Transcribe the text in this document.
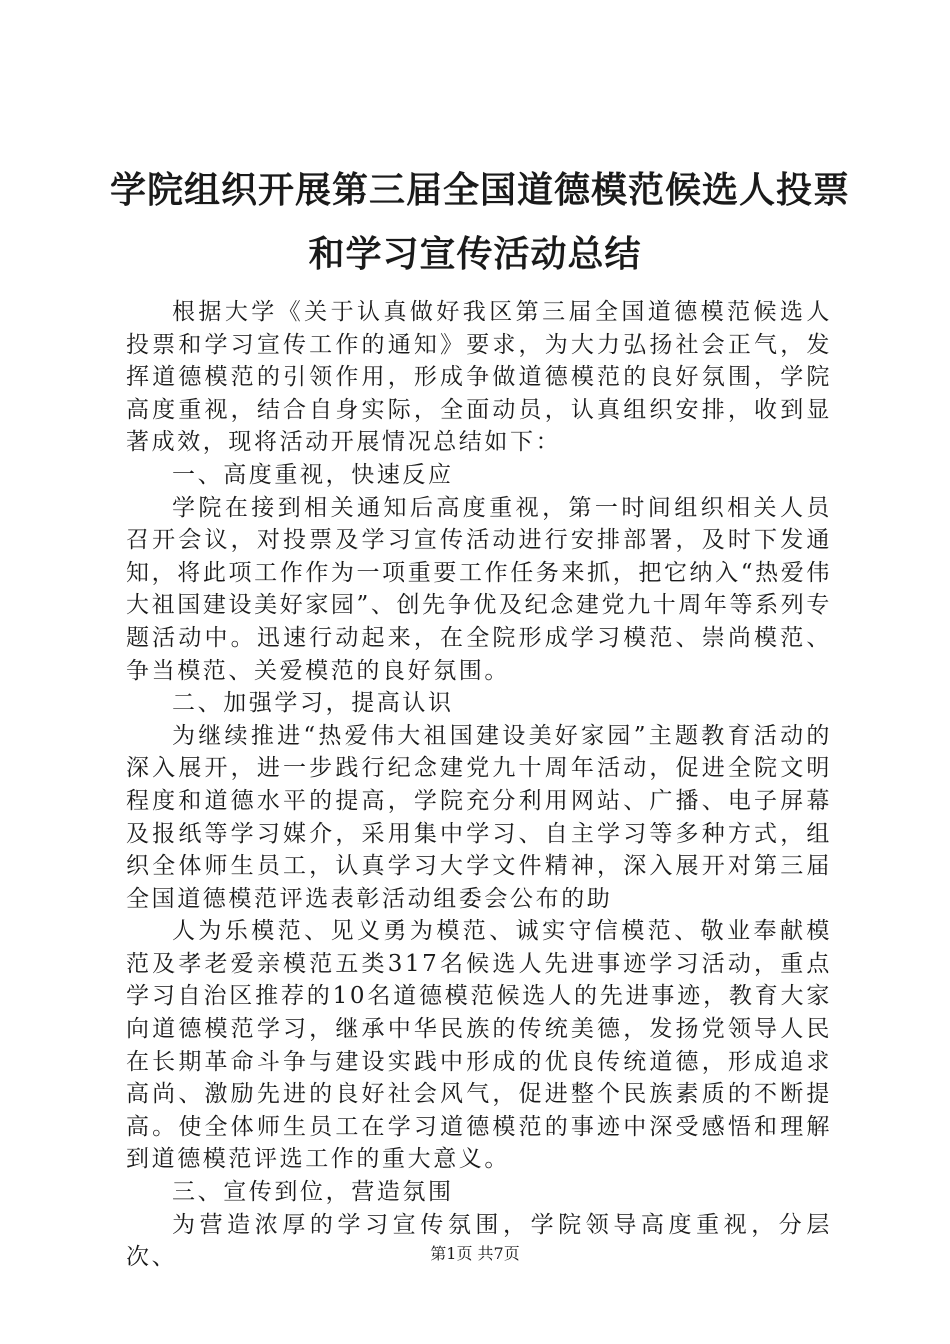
学院组织开展第三届全国道德模范候选人投票
和学习宣传活动总结

根据大学《关于认真做好我区第三届全国道德模范候选人投票和学习宣传工作的通知》要求，为大力弘扬社会正气，发挥道德模范的引领作用，形成争做道德模范的良好氛围，学院高度重视，结合自身实际，全面动员，认真组织安排，收到显著成效，现将活动开展情况总结如下：

一、高度重视，快速反应

学院在接到相关通知后高度重视，第一时间组织相关人员召开会议，对投票及学习宣传活动进行安排部署，及时下发通知，将此项工作作为一项重要工作任务来抓，把它纳入“热爱伟大祖国建设美好家园”、创先争优及纪念建党九十周年等系列专题活动中。迅速行动起来，在全院形成学习模范、崇尚模范、争当模范、关爱模范的良好氛围。

二、加强学习，提高认识

为继续推进“热爱伟大祖国建设美好家园”主题教育活动的深入展开，进一步践行纪念建党九十周年活动，促进全院文明程度和道德水平的提高，学院充分利用网站、广播、电子屏幕及报纸等学习媒介，采用集中学习、自主学习等多种方式，组织全体师生员工，认真学习大学文件精神，深入展开对第三届全国道德模范评选表彰活动组委会公布的助

人为乐模范、见义勇为模范、诚实守信模范、敬业奉献模范及孝老爱亲模范五类317名候选人先进事迹学习活动，重点学习自治区推荐的10名道德模范候选人的先进事迹，教育大家向道德模范学习，继承中华民族的传统美德，发扬党领导人民在长期革命斗争与建设实践中形成的优良传统道德，形成追求高尚、激励先进的良好社会风气，促进整个民族素质的不断提高。使全体师生员工在学习道德模范的事迹中深受感悟和理解到道德模范评选工作的重大意义。

三、宣传到位，营造氛围

为营造浓厚的学习宣传氛围，学院领导高度重视，分层次、	第1页 共7页
